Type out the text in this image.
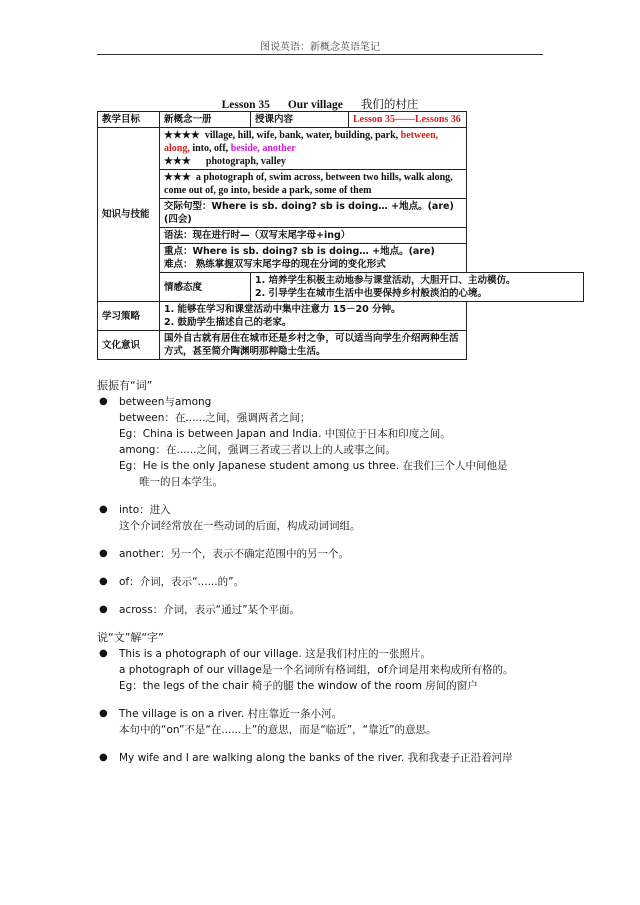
图说英语：新概念英语笔记
Lesson 35 Our village 我们的村庄
教学目标	新概念一册	授课内容	Lesson 35——Lessons 36
知识与技能	★★★★ village, hill, wife, bank, water, building, park, between, along, into, off, beside, another
★★★ photograph, valley		
	★★★ a photograph of, swim across, between two hills, walk along, come out of, go into, beside a park, some of them		
	交际句型：Where is sb. doing? sb is doing… +地点。(are) (四会)		
	语法：现在进行时—（双写末尾字母+ing）		
	重点：Where is sb. doing? sb is doing… +地点。(are)
难点： 熟练掌握双写末尾字母的现在分词的变化形式		
	情感态度	1. 培养学生积极主动地参与课堂活动，大胆开口、主动模仿。
2. 引导学生在城市生活中也要保持乡村般淡泊的心境。	
学习策略	1. 能够在学习和课堂活动中集中注意力 15－20 分钟。
2. 鼓励学生描述自己的老家。		
文化意识	国外自古就有居住在城市还是乡村之争，可以适当向学生介绍两种生活方式，甚至简介陶渊明那种隐士生活。		
振振有“词”
● between与among
between：在......之间，强调两者之间；
Eg：China is between Japan and India. 中国位于日本和印度之间。
among：在......之间，强调三者或三者以上的人或事之间。
Eg：He is the only Japanese student among us three. 在我们三个人中间他是
唯一的日本学生。
● into：进入
这个介词经常放在一些动词的后面，构成动词词组。
● another：另一个，表示不确定范围中的另一个。
● of：介词，表示“......的”。
● across：介词，表示“通过”某个平面。
说“文”解“字”
● This is a photograph of our village. 这是我们村庄的一张照片。
a photograph of our village是一个名词所有格词组，of介词是用来构成所有格的。
Eg：the legs of the chair 椅子的腿 the window of the room 房间的窗户
● The village is on a river. 村庄靠近一条小河。
本句中的“on”不是“在......上”的意思，而是“临近”，“靠近”的意思。
● My wife and I are walking along the banks of the river. 我和我妻子正沿着河岸
